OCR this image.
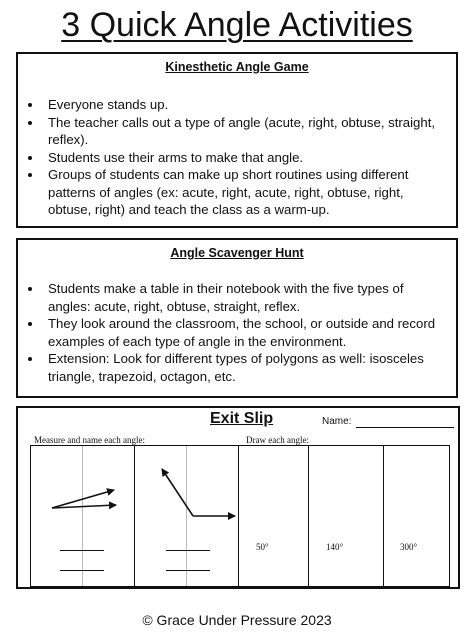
3 Quick Angle Activities
Kinesthetic Angle Game
Everyone stands up.
The teacher calls out a type of angle (acute, right, obtuse, straight, reflex).
Students use their arms to make that angle.
Groups of students can make up short routines using different patterns of angles (ex: acute, right, acute, right, obtuse, right, obtuse, right) and teach the class as a warm-up.
Angle Scavenger Hunt
Students make a table in their notebook with the five types of angles: acute, right, obtuse, straight, reflex.
They look around the classroom, the school, or outside and record examples of each type of angle in the environment.
Extension: Look for different types of polygons as well: isosceles triangle, trapezoid, octagon, etc.
Exit Slip	Name:
Measure and name each angle:	Draw each angle:
50°	140°	300°
© Grace Under Pressure 2023
